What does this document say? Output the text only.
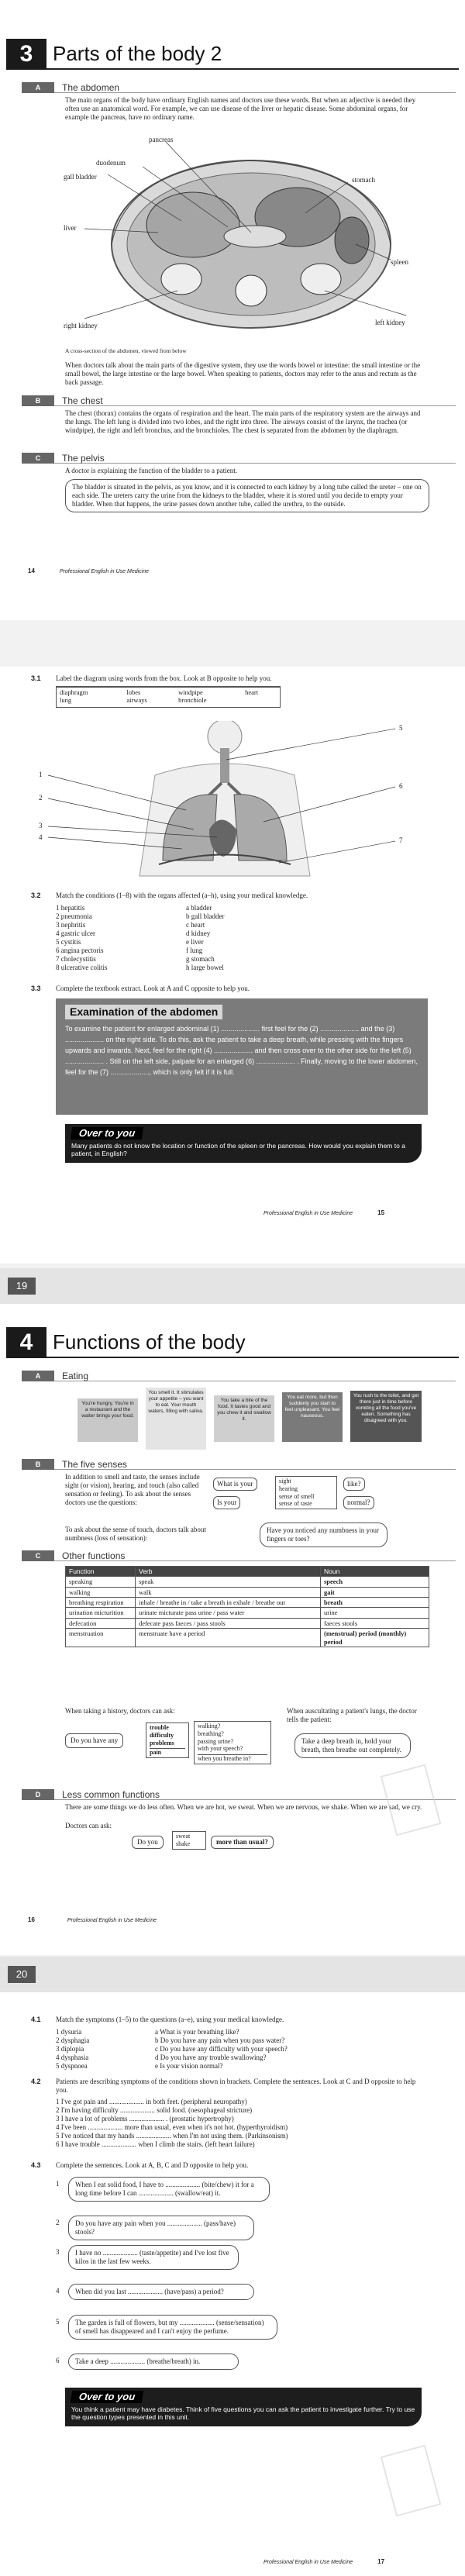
3 Parts of the body 2
A The abdomen
The main organs of the body have ordinary English names and doctors use these words. But when an adjective is needed they often use an anatomical word. For example, we can use disease of the liver or hepatic disease. Some abdominal organs, for example the pancreas, have no ordinary name.
pancreas
duodenum
gall bladder	stomach
liver
spleen
right kidney	left kidney
A cross-section of the abdomen, viewed from below
When doctors talk about the main parts of the digestive system, they use the words bowel or intestine: the small intestine or the small bowel, the large intestine or the large bowel. When speaking to patients, doctors may refer to the anus and rectum as the back passage.
B The chest
The chest (thorax) contains the organs of respiration and the heart. The main parts of the respiratory system are the airways and the lungs. The left lung is divided into two lobes, and the right into three. The airways consist of the larynx, the trachea (or windpipe), the right and left bronchus, and the bronchioles. The chest is separated from the abdomen by the diaphragm.
C The pelvis
A doctor is explaining the function of the bladder to a patient.
The bladder is situated in the pelvis, as you know, and it is connected to each kidney by a long tube called the ureter – one on each side. The ureters carry the urine from the kidneys to the bladder, where it is stored until you decide to empty your bladder. When that happens, the urine passes down another tube, called the urethra, to the outside.
14	Professional English in Use Medicine
3.1 Label the diagram using words from the box. Look at B opposite to help you.
diaphragm
lung	lobes
airways	windpipe
bronchiole	heart
1
2
3
4
5
6
7
3.2 Match the conditions (1–8) with the organs affected (a–h), using your medical knowledge.
1 hepatitis
2 pneumonia
3 nephritis
4 gastric ulcer
5 cystitis
6 angina pectoris
7 cholecystitis
8 ulcerative colitis
a bladder
b gall bladder
c heart
d kidney
e liver
f lung
g stomach
h large bowel
3.3 Complete the textbook extract. Look at A and C opposite to help you.
Examination of the abdomen
To examine the patient for enlarged abdominal (1) .................... first feel for the (2) .................... and the (3) .................... on the right side. To do this, ask the patient to take a deep breath, while pressing with the fingers upwards and inwards. Next, feel for the right (4) .................... and then cross over to the other side for the left (5) .................... . Still on the left side, palpate for an enlarged (6) .................... . Finally, moving to the lower abdomen, feel for the (7) ...................., which is only felt if it is full.
Over to you
Many patients do not know the location or function of the spleen or the pancreas. How would you explain them to a patient, in English?
Professional English in Use Medicine	15
19
4 Functions of the body
A Eating
You're hungry. You're in a restaurant and the waiter brings your food.
You smell it. It stimulates your appetite – you want to eat. Your mouth waters, filling with saliva.
You take a bite of the food. It tastes good and you chew it and swallow it.
You eat more, but then suddenly you start to feel unpleasant. You feel nauseous.
You rush to the toilet, and get there just in time before vomiting all the food you've eaten. Something has disagreed with you.
B The five senses
In addition to smell and taste, the senses include sight (or vision), hearing, and touch (also called sensation or feeling). To ask about the senses doctors use the questions:
What is your
Is your
sight
hearing
sense of smell
sense of taste
like?
normal?
To ask about the sense of touch, doctors talk about numbness (loss of sensation):
Have you noticed any numbness in your fingers or toes?
C Other functions
Function	Verb	Noun
speaking	speak	speech
walking	walk	gait
breathing respiration	inhale / breathe in / take a breath in exhale / breathe out	breath
urination micturition	urinate micturate pass urine / pass water	urine
defecation	defecate pass faeces / pass stools	faeces stools
menstruation	menstruate have a period	(menstrual) period (monthly) period
When taking a history, doctors can ask:
Do you have any
trouble
difficulty
problems
pain
walking?
breathing?
passing urine?
with your speech?
when you breathe in?
When auscultating a patient's lungs, the doctor tells the patient:
Take a deep breath in, hold your breath, then breathe out completely.
D Less common functions
There are some things we do less often. When we are hot, we sweat. When we are nervous, we shake. When we are sad, we cry.
Doctors can ask:
Do you
sweat
shake	more than usual?
16	Professional English in Use Medicine
20
4.1 Match the symptoms (1–5) to the questions (a–e), using your medical knowledge.
1 dysuria
2 dysphagia
3 diplopia
4 dysphasia
5 dyspnoea
a What is your breathing like?
b Do you have any pain when you pass water?
c Do you have any difficulty with your speech?
d Do you have any trouble swallowing?
e Is your vision normal?
4.2 Patients are describing symptoms of the conditions shown in brackets. Complete the sentences. Look at C and D opposite to help you.
1 I've got pain and .................... in both feet. (peripheral neuropathy)
2 I'm having difficulty .................... solid food. (oesophageal stricture)
3 I have a lot of problems .................... . (prostatic hypertrophy)
4 I've been .................... more than usual, even when it's not hot. (hyperthyroidism)
5 I've noticed that my hands .................... when I'm not using them. (Parkinsonism)
6 I have trouble .................... when I climb the stairs. (left heart failure)
4.3 Complete the sentences. Look at A, B, C and D opposite to help you.
1	When I eat solid food, I have to .................... (bite/chew) it for a long time before I can .................... (swallow/eat) it.
2	Do you have any pain when you .................... (pass/have) stools?
3	I have no .................... (taste/appetite) and I've lost five kilos in the last few weeks.
4	When did you last .................... (have/pass) a period?
5	The garden is full of flowers, but my .................... (sense/sensation) of smell has disappeared and I can't enjoy the perfume.
6	Take a deep .................... (breathe/breath) in.
Over to you
You think a patient may have diabetes. Think of five questions you can ask the patient to investigate further. Try to use the question types presented in this unit.
Professional English in Use Medicine	17
